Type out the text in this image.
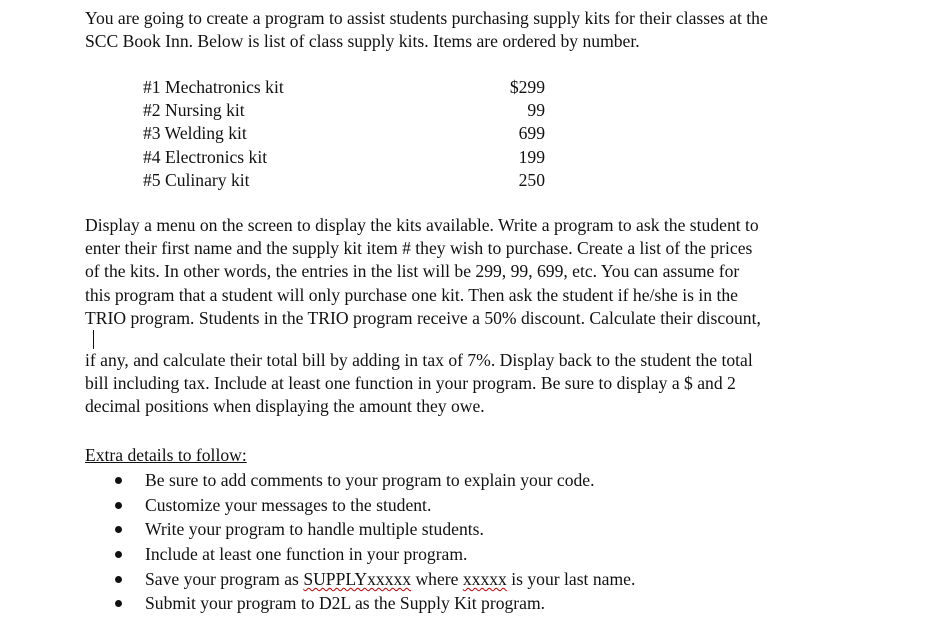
You are going to create a program to assist students purchasing supply kits for their classes at the
SCC Book Inn. Below is list of class supply kits. Items are ordered by number.

#1 Mechatronics kit	$299
#2 Nursing kit	99
#3 Welding kit	699
#4 Electronics kit	199
#5 Culinary kit	250

Display a menu on the screen to display the kits available. Write a program to ask the student to
enter their first name and the supply kit item # they wish to purchase. Create a list of the prices
of the kits. In other words, the entries in the list will be 299, 99, 699, etc. You can assume for
this program that a student will only purchase one kit. Then ask the student if he/she is in the
TRIO program. Students in the TRIO program receive a 50% discount. Calculate their discount,
if any, and calculate their total bill by adding in tax of 7%. Display back to the student the total
bill including tax. Include at least one function in your program. Be sure to display a $ and 2
decimal positions when displaying the amount they owe.

Extra details to follow:

Be sure to add comments to your program to explain your code.
Customize your messages to the student.
Write your program to handle multiple students.
Include at least one function in your program.
Save your program as SUPPLYxxxxx where xxxxx is your last name.
Submit your program to D2L as the Supply Kit program.
